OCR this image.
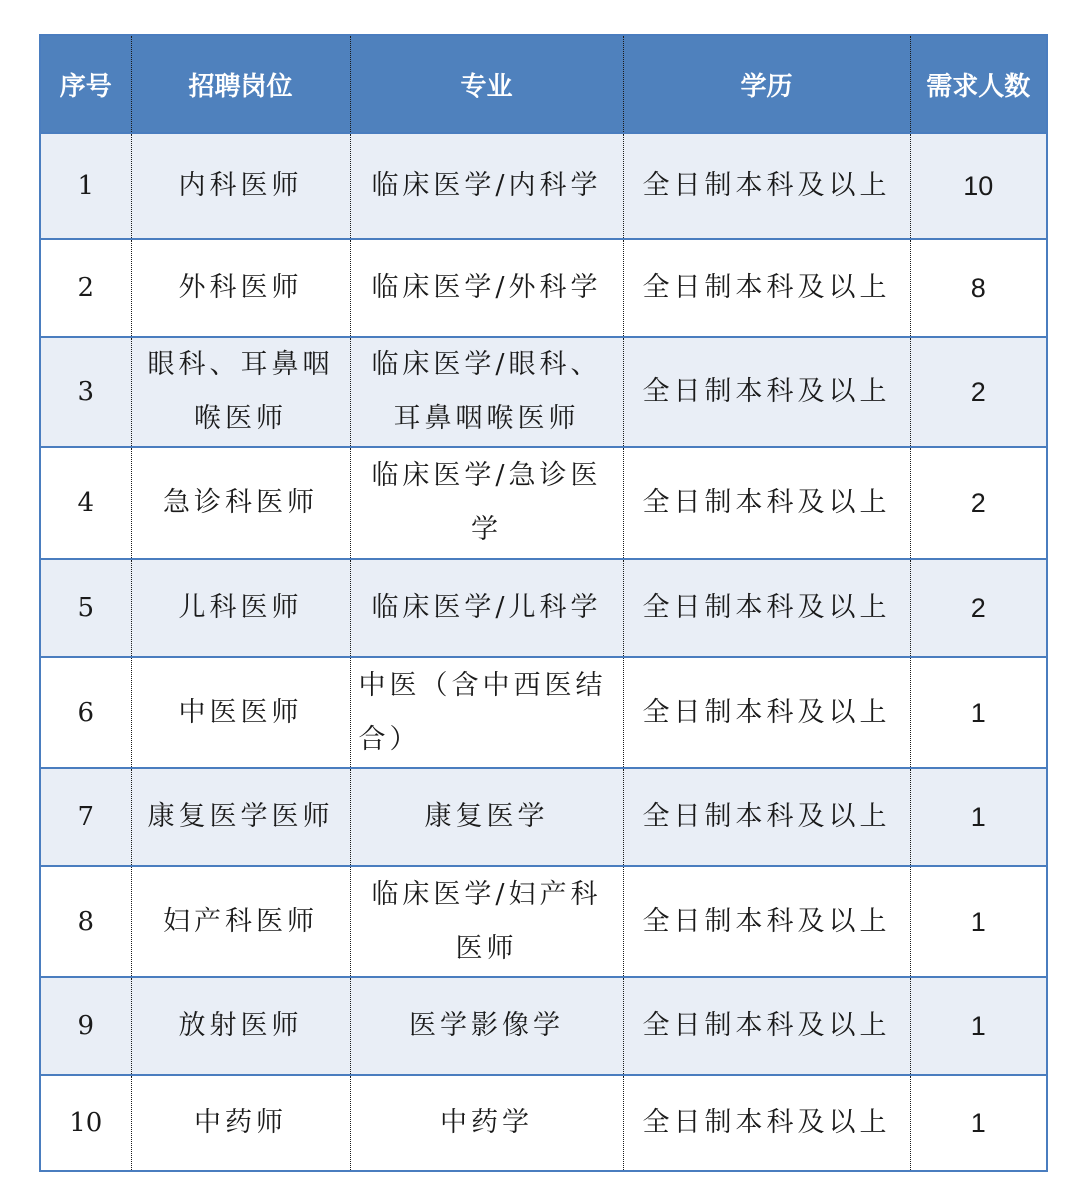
序号	招聘岗位	专业	学历	需求人数
1	内科医师	临床医学/内科学	全日制本科及以上	10
2	外科医师	临床医学/外科学	全日制本科及以上	8
3	眼科、耳鼻咽喉医师	临床医学/眼科、耳鼻咽喉医师	全日制本科及以上	2
4	急诊科医师	临床医学/急诊医学	全日制本科及以上	2
5	儿科医师	临床医学/儿科学	全日制本科及以上	2
6	中医医师	中医（含中西医结合）	全日制本科及以上	1
7	康复医学医师	康复医学	全日制本科及以上	1
8	妇产科医师	临床医学/妇产科医师	全日制本科及以上	1
9	放射医师	医学影像学	全日制本科及以上	1
10	中药师	中药学	全日制本科及以上	1
